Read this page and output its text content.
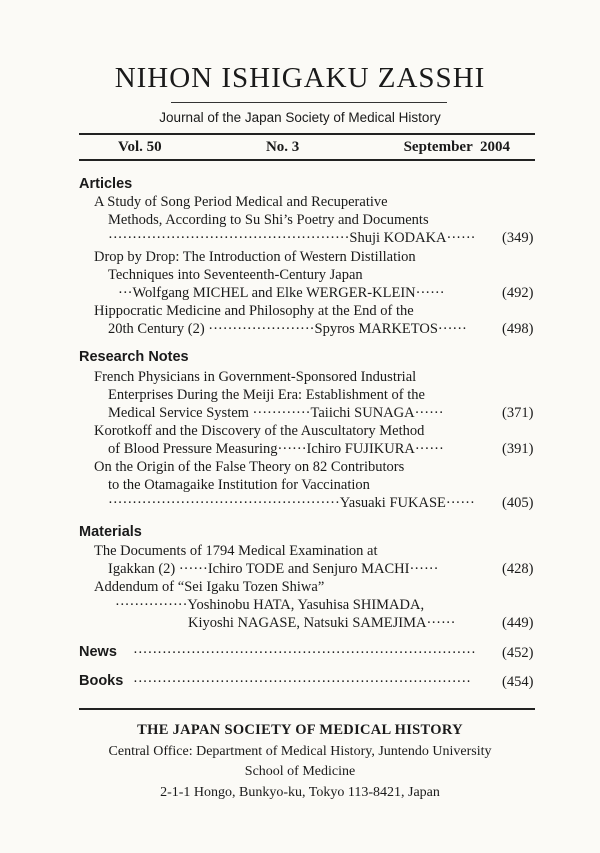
NIHON ISHIGAKU ZASSHI
Journal of the Japan Society of Medical History
Vol. 50	No. 3	September  2004
Articles
A Study of Song Period Medical and Recuperative
Methods, According to Su Shi’s Poetry and Documents
··················································Shuji KODAKA······ (349)
Drop by Drop: The Introduction of Western Distillation
Techniques into Seventeenth-Century Japan
···Wolfgang MICHEL and Elke WERGER-KLEIN······	(492)
Hippocratic Medicine and Philosophy at the End of the
20th Century (2) ······················Spyros MARKETOS······ (498)
Research Notes
French Physicians in Government-Sponsored Industrial
Enterprises During the Meiji Era: Establishment of the
Medical Service System ············Taiichi SUNAGA······	(371)
Korotkoff and the Discovery of the Auscultatory Method
of Blood Pressure Measuring······Ichiro FUJIKURA······	(391)
On the Origin of the False Theory on 82 Contributors
to the Otamagaike Institution for Vaccination
················································Yasuaki FUKASE······ (405)
Materials
The Documents of 1794 Medical Examination at
Igakkan (2) ······Ichiro TODE and Senjuro MACHI······	(428)
Addendum of “Sei Igaku Tozen Shiwa”
···············Yoshinobu HATA, Yasuhisa SHIMADA,
Kiyoshi NAGASE, Natsuki SAMEJIMA······	(449)
News ·······································································	(452)
Books ······································································	(454)
THE JAPAN SOCIETY OF MEDICAL HISTORY
Central Office: Department of Medical History, Juntendo University
School of Medicine
2-1-1 Hongo, Bunkyo-ku, Tokyo 113-8421, Japan
